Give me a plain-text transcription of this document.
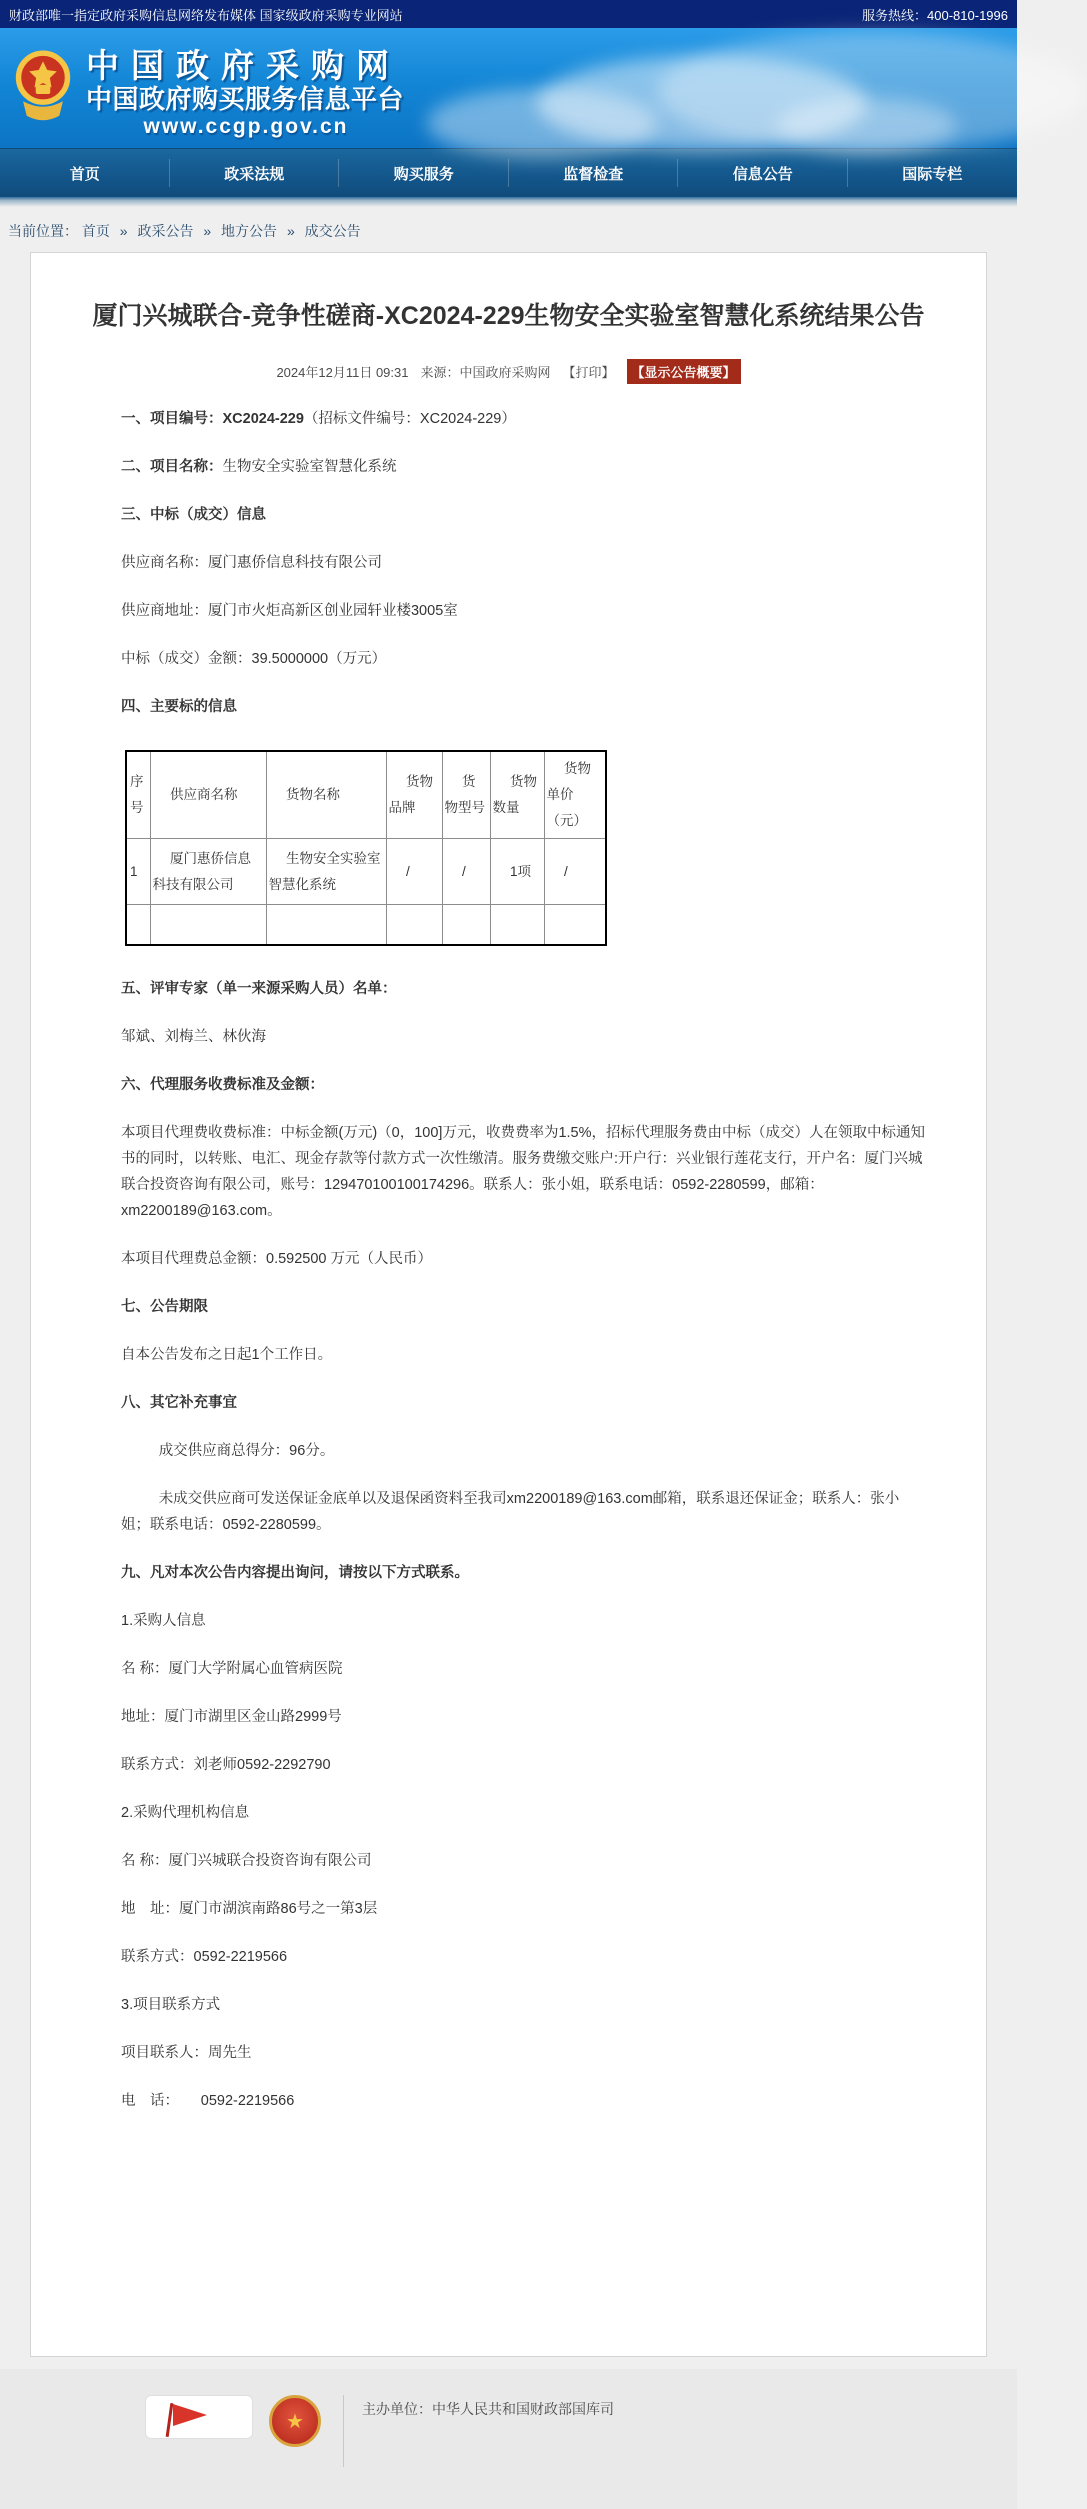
财政部唯一指定政府采购信息网络发布媒体 国家级政府采购专业网站	服务热线：400-810-1996
中国政府采购网
中国政府购买服务信息平台
www.ccgp.gov.cn
首页	政采法规	购买服务	监督检查	信息公告	国际专栏
当前位置： 首页 » 政采公告 » 地方公告 » 成交公告
厦门兴城联合-竞争性磋商-XC2024-229生物安全实验室智慧化系统结果公告
2024年12月11日 09:31 来源：中国政府采购网 【打印】	【显示公告概要】

一、项目编号：XC2024-229（招标文件编号：XC2024-229）

二、项目名称：生物安全实验室智慧化系统

三、中标（成交）信息

供应商名称：厦门惠侨信息科技有限公司

供应商地址：厦门市火炬高新区创业园轩业楼3005室

中标（成交）金额：39.5000000（万元）

四、主要标的信息

序号	供应商名称	货物名称	货物品牌	货物型号	货物数量	货物单价（元）
1	厦门惠侨信息科技有限公司	生物安全实验室智慧化系统	/	/	1项	/

五、评审专家（单一来源采购人员）名单：

邹斌、刘梅兰、林伙海

六、代理服务收费标准及金额：

本项目代理费收费标准：中标金额(万元)（0，100]万元，收费费率为1.5%，招标代理服务费由中标（成交）人在领取中标通知书的同时，以转账、电汇、现金存款等付款方式一次性缴清。服务费缴交账户:开户行：兴业银行莲花支行，开户名：厦门兴城联合投资咨询有限公司，账号：129470100100174296。联系人：张小姐，联系电话：0592-2280599，邮箱：xm2200189@163.com。

本项目代理费总金额：0.592500 万元（人民币）

七、公告期限

自本公告发布之日起1个工作日。

八、其它补充事宜

成交供应商总得分：96分。

未成交供应商可发送保证金底单以及退保函资料至我司xm2200189@163.com邮箱，联系退还保证金；联系人：张小姐；联系电话：0592-2280599。

九、凡对本次公告内容提出询问，请按以下方式联系。

1.采购人信息

名 称：厦门大学附属心血管病医院

地址：厦门市湖里区金山路2999号

联系方式：刘老师0592-2292790

2.采购代理机构信息

名 称：厦门兴城联合投资咨询有限公司

地　址：厦门市湖滨南路86号之一第3层

联系方式：0592-2219566

3.项目联系方式

项目联系人：周先生

电　话：　　0592-2219566

★
主办单位：中华人民共和国财政部国库司
